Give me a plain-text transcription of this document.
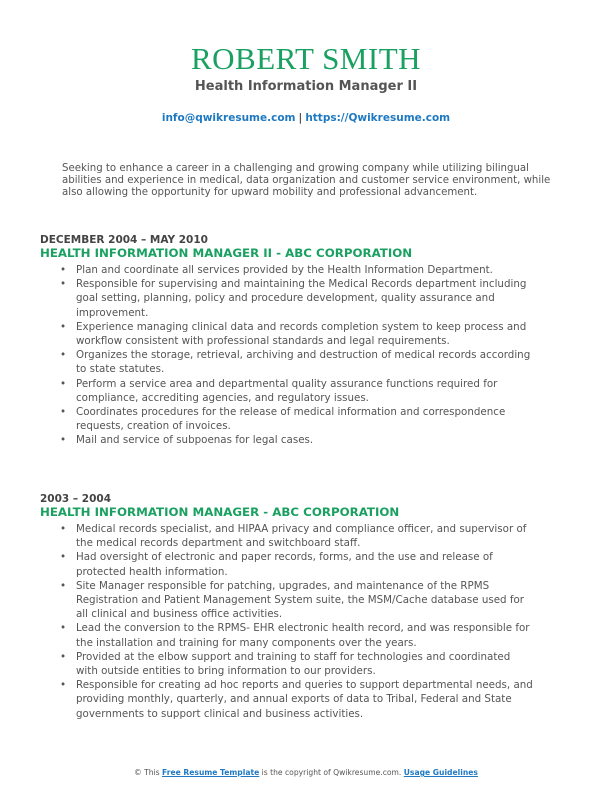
ROBERT SMITH
Health Information Manager II
info@qwikresume.com | https://Qwikresume.com
Seeking to enhance a career in a challenging and growing company while utilizing bilingual abilities and experience in medical, data organization and customer service environment, while also allowing the opportunity for upward mobility and professional advancement.
DECEMBER 2004 – MAY 2010
HEALTH INFORMATION MANAGER II - ABC CORPORATION
• Plan and coordinate all services provided by the Health Information Department.
• Responsible for supervising and maintaining the Medical Records department including goal setting, planning, policy and procedure development, quality assurance and improvement.
• Experience managing clinical data and records completion system to keep process and workflow consistent with professional standards and legal requirements.
• Organizes the storage, retrieval, archiving and destruction of medical records according to state statutes.
• Perform a service area and departmental quality assurance functions required for compliance, accrediting agencies, and regulatory issues.
• Coordinates procedures for the release of medical information and correspondence requests, creation of invoices.
• Mail and service of subpoenas for legal cases.
2003 – 2004
HEALTH INFORMATION MANAGER - ABC CORPORATION
• Medical records specialist, and HIPAA privacy and compliance officer, and supervisor of the medical records department and switchboard staff.
• Had oversight of electronic and paper records, forms, and the use and release of protected health information.
• Site Manager responsible for patching, upgrades, and maintenance of the RPMS Registration and Patient Management System suite, the MSM/Cache database used for all clinical and business office activities.
• Lead the conversion to the RPMS- EHR electronic health record, and was responsible for the installation and training for many components over the years.
• Provided at the elbow support and training to staff for technologies and coordinated with outside entities to bring information to our providers.
• Responsible for creating ad hoc reports and queries to support departmental needs, and providing monthly, quarterly, and annual exports of data to Tribal, Federal and State governments to support clinical and business activities.
© This Free Resume Template is the copyright of Qwikresume.com. Usage Guidelines
